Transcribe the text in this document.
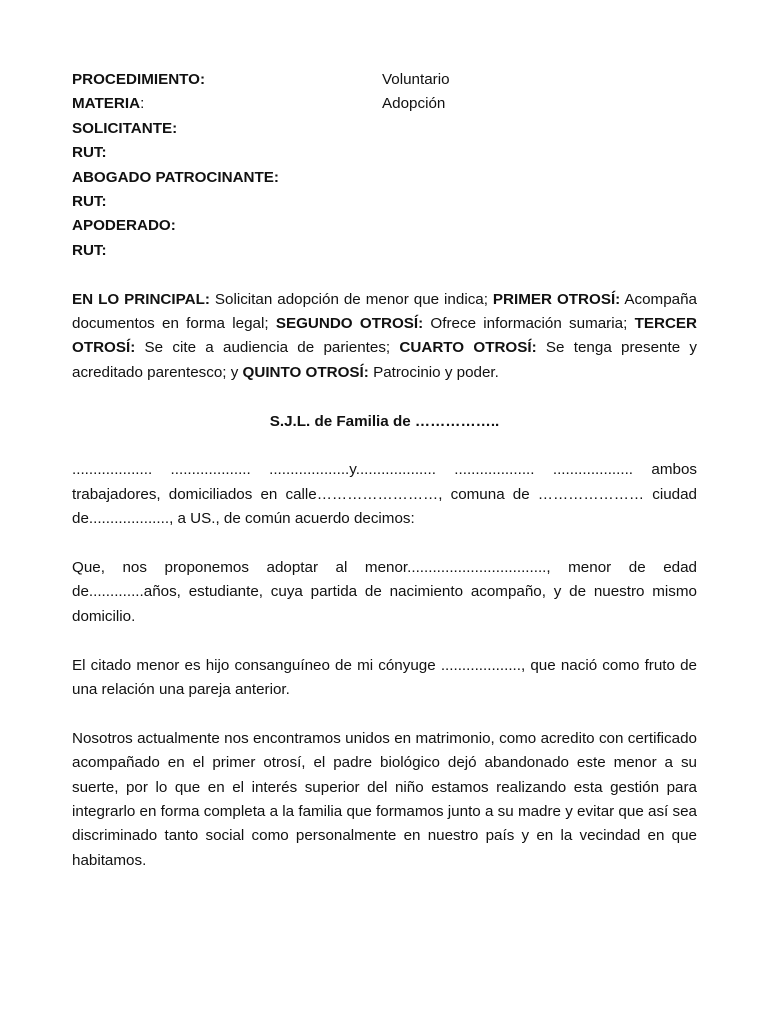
PROCEDIMIENTO:	Voluntario
MATERIA:	Adopción
SOLICITANTE:
RUT:
ABOGADO PATROCINANTE:
RUT:
APODERADO:
RUT:

EN LO PRINCIPAL: Solicitan adopción de menor que indica; PRIMER OTROSÍ: Acompaña documentos en forma legal; SEGUNDO OTROSÍ: Ofrece información sumaria; TERCER OTROSÍ: Se cite a audiencia de parientes; CUARTO OTROSÍ: Se tenga presente y acreditado parentesco; y QUINTO OTROSÍ: Patrocinio y poder.

S.J.L. de Familia de ……………..

................... ................... ...................y................... ................... ................... ambos trabajadores, domiciliados en calle……………………, comuna de ………………… ciudad de..................., a US., de común acuerdo decimos:

Que, nos proponemos adoptar al menor................................., menor de edad de.............años, estudiante, cuya partida de nacimiento acompaño, y de nuestro mismo domicilio.

El citado menor es hijo consanguíneo de mi cónyuge ..................., que nació como fruto de una relación una pareja anterior.

Nosotros actualmente nos encontramos unidos en matrimonio, como acredito con certificado acompañado en el primer otrosí, el padre biológico dejó abandonado este menor a su suerte, por lo que en el interés superior del niño estamos realizando esta gestión para integrarlo en forma completa a la familia que formamos junto a su madre y evitar que así sea discriminado tanto social como personalmente en nuestro país y en la vecindad en que habitamos.
